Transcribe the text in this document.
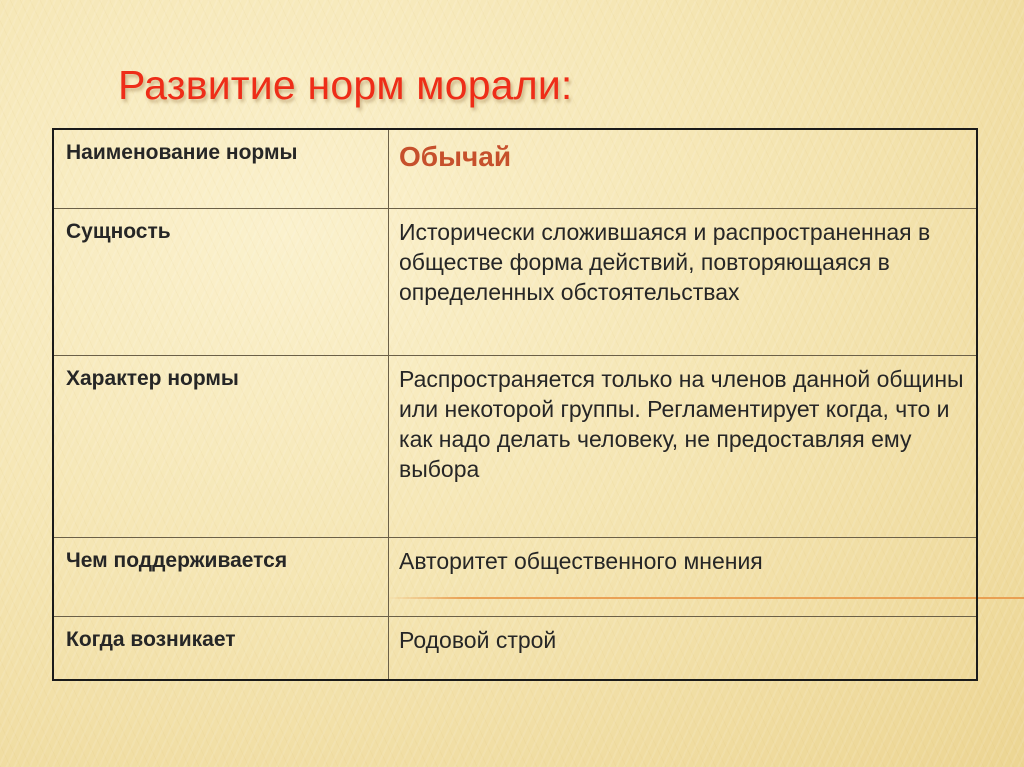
Развитие норм морали:
Наименование нормы	Обычай
Сущность	Исторически сложившаяся и распространенная в обществе форма действий, повторяющаяся в определенных обстоятельствах
Характер нормы	Распространяется только на членов данной общины или некоторой группы. Регламентирует когда, что и как надо делать человеку, не предоставляя ему выбора
Чем поддерживается	Авторитет общественного мнения
Когда возникает	Родовой строй
